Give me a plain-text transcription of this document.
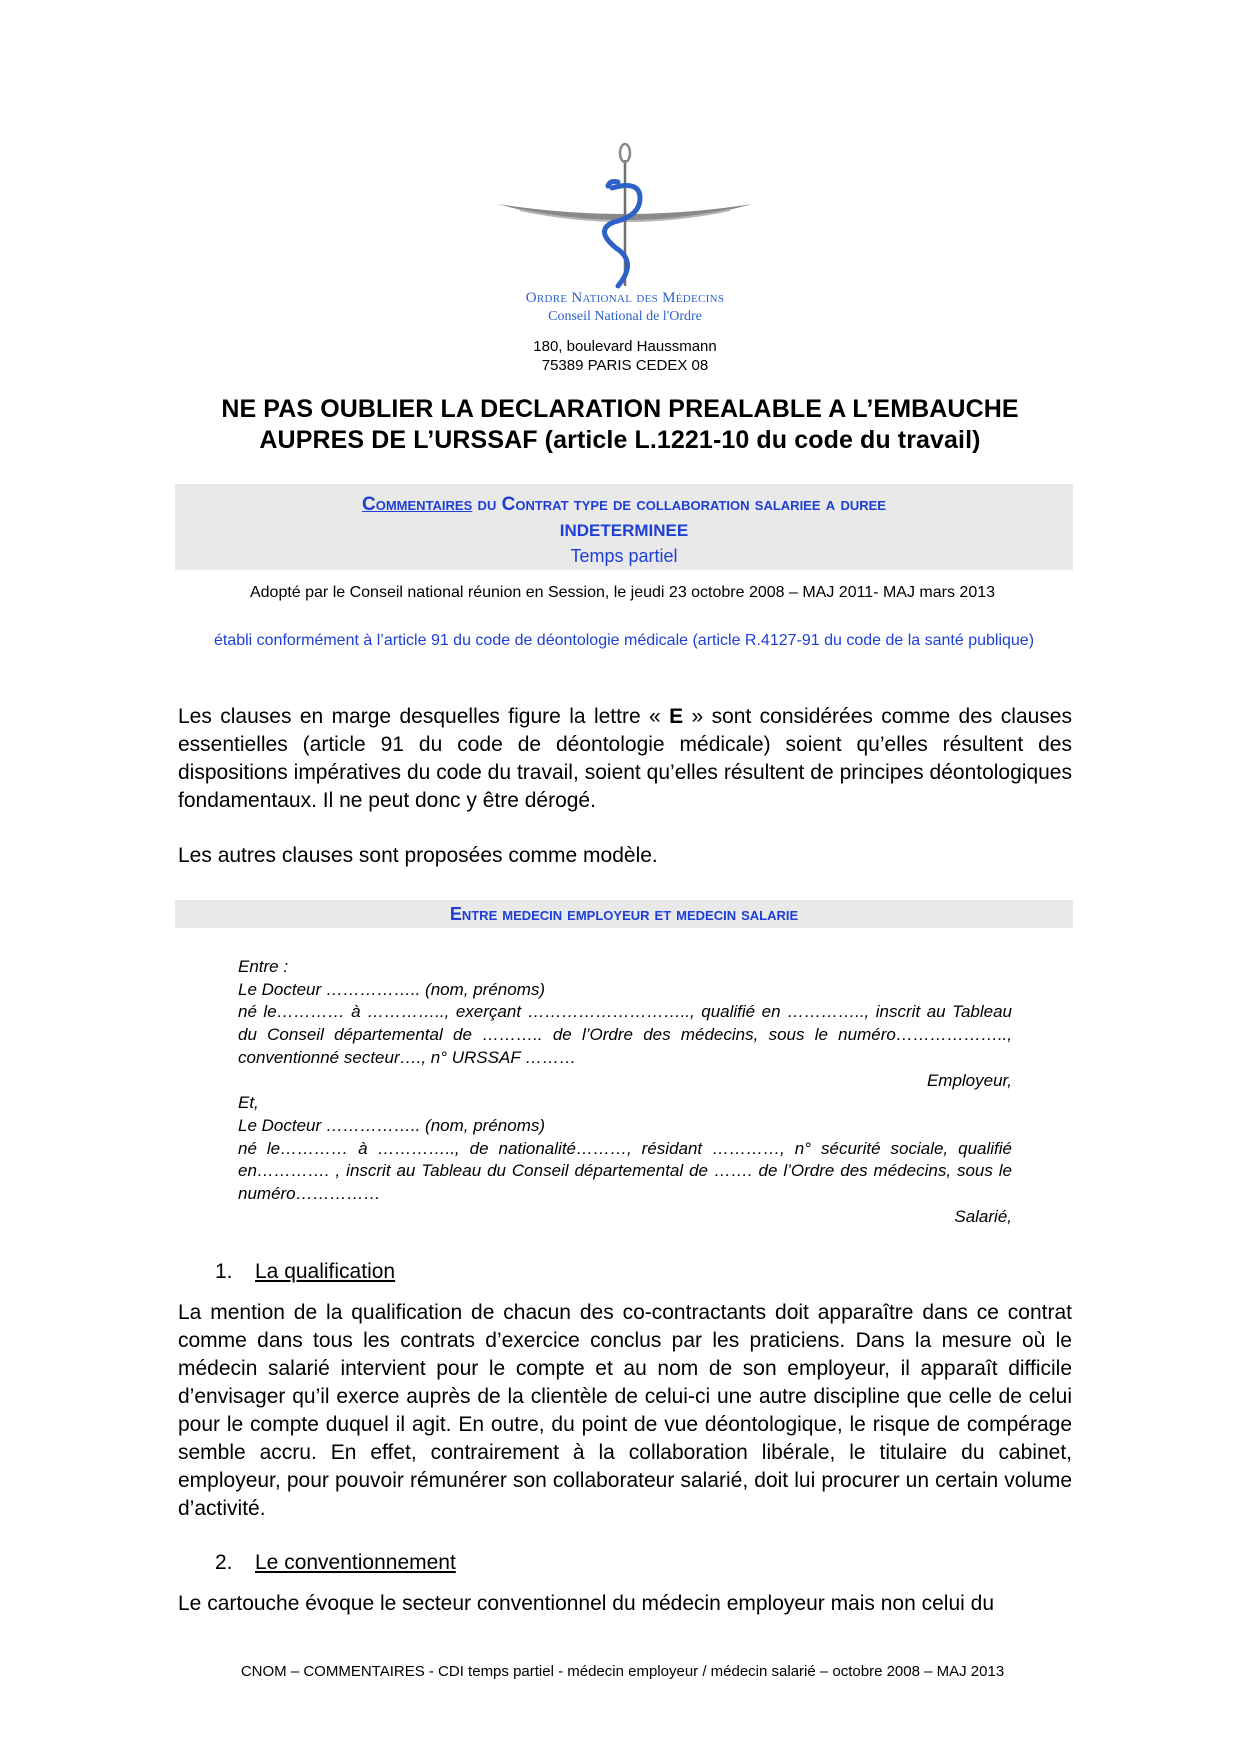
Ordre National des Médecins
Conseil National de l'Ordre
180, boulevard Haussmann
75389 PARIS CEDEX 08
NE PAS OUBLIER LA DECLARATION PREALABLE A L’EMBAUCHE
AUPRES DE L’URSSAF (article L.1221-10 du code du travail)
Commentaires du Contrat type de collaboration salariee a duree
INDETERMINEE
Temps partiel
Adopté par le Conseil national réunion en Session, le jeudi 23 octobre 2008 – MAJ 2011- MAJ mars 2013
établi conformément à l’article 91 du code de déontologie médicale (article R.4127-91 du code de la santé publique)
Les clauses en marge desquelles figure la lettre « E » sont considérées comme des clauses essentielles (article 91 du code de déontologie médicale) soient qu’elles résultent des dispositions impératives du code du travail, soient qu’elles résultent de principes déontologiques fondamentaux. Il ne peut donc y être dérogé.
Les autres clauses sont proposées comme modèle.
Entre medecin employeur et medecin salarie
Entre :
Le Docteur …………….. (nom, prénoms)
né le………… à ………….., exerçant ……………………….., qualifié en ………….., inscrit au Tableau du Conseil départemental de ……….. de l’Ordre des médecins, sous le numéro……………….., conventionné secteur…., n° URSSAF ………
Employeur,
Et,
Le Docteur …………….. (nom, prénoms)
né le………… à ………….., de nationalité………, résidant …………, n° sécurité sociale, qualifié en…………. , inscrit au Tableau du Conseil départemental de ……. de l’Ordre des médecins, sous le numéro……………
Salarié,
1. La qualification
La mention de la qualification de chacun des co-contractants doit apparaître dans ce contrat comme dans tous les contrats d’exercice conclus par les praticiens. Dans la mesure où le médecin salarié intervient pour le compte et au nom de son employeur, il apparaît difficile d’envisager qu’il exerce auprès de la clientèle de celui-ci une autre discipline que celle de celui pour le compte duquel il agit. En outre, du point de vue déontologique, le risque de compérage semble accru. En effet, contrairement à la collaboration libérale, le titulaire du cabinet, employeur, pour pouvoir rémunérer son collaborateur salarié, doit lui procurer un certain volume d’activité.
2. Le conventionnement
Le cartouche évoque le secteur conventionnel du médecin employeur mais non celui du
CNOM – COMMENTAIRES - CDI temps partiel - médecin employeur / médecin salarié – octobre 2008 – MAJ 2013
